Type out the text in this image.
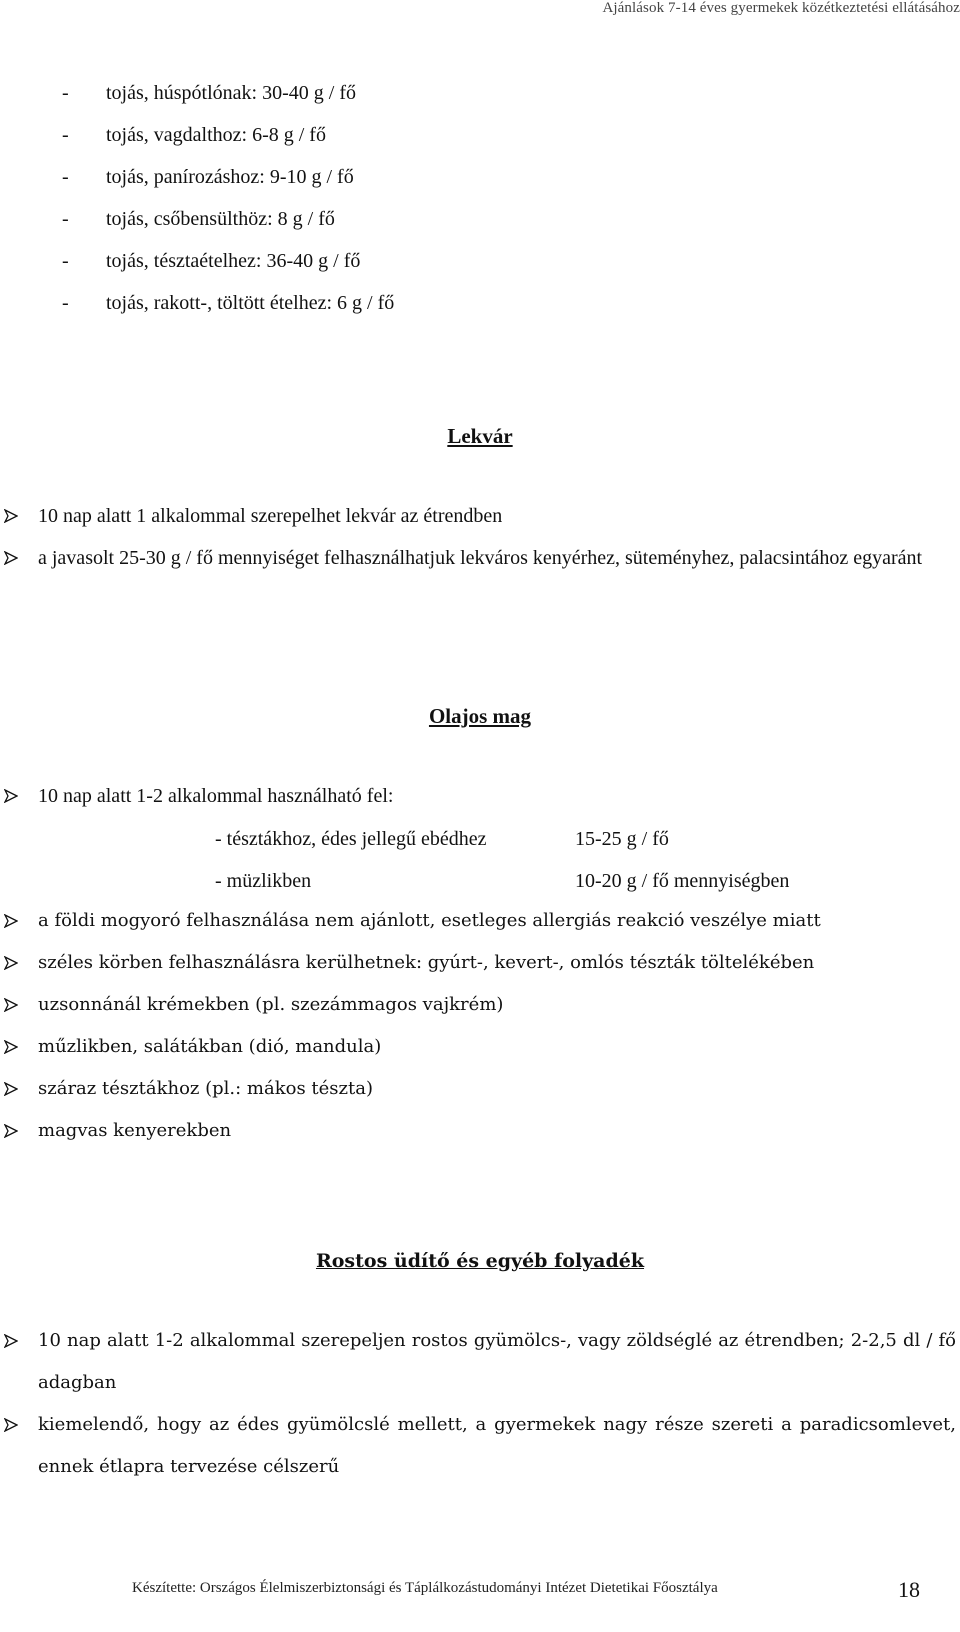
Ajánlások 7-14 éves gyermekek közétkeztetési ellátásához
- tojás, húspótlónak: 30-40 g / fő
- tojás, vagdalthoz: 6-8 g / fő
- tojás, panírozáshoz: 9-10 g / fő
- tojás, csőbensülthöz: 8 g / fő
- tojás, tésztaételhez: 36-40 g / fő
- tojás, rakott-, töltött ételhez: 6 g / fő
Lekvár
10 nap alatt 1 alkalommal szerepelhet lekvár az étrendben
a javasolt 25-30 g / fő mennyiséget felhasználhatjuk lekváros kenyérhez, süteményhez, palacsintához egyaránt
Olajos mag
10 nap alatt 1-2 alkalommal használható fel:
- tésztákhoz, édes jellegű ebédhez	15-25 g / fő
- müzlikben	10-20 g / fő mennyiségben
a földi mogyoró felhasználása nem ajánlott, esetleges allergiás reakció veszélye miatt
széles körben felhasználásra kerülhetnek: gyúrt-, kevert-, omlós tészták töltelékében
uzsonnánál krémekben (pl. szezámmagos vajkrém)
műzlikben, salátákban (dió, mandula)
száraz tésztákhoz (pl.: mákos tészta)
magvas kenyerekben
Rostos üdítő és egyéb folyadék
10 nap alatt 1-2 alkalommal szerepeljen rostos gyümölcs-, vagy zöldséglé az étrendben; 2-2,5 dl / fő adagban
kiemelendő, hogy az édes gyümölcslé mellett, a gyermekek nagy része szereti a paradicsomlevet, ennek étlapra tervezése célszerű
Készítette: Országos Élelmiszerbiztonsági és Táplálkozástudományi Intézet Dietetikai Főosztálya	18
